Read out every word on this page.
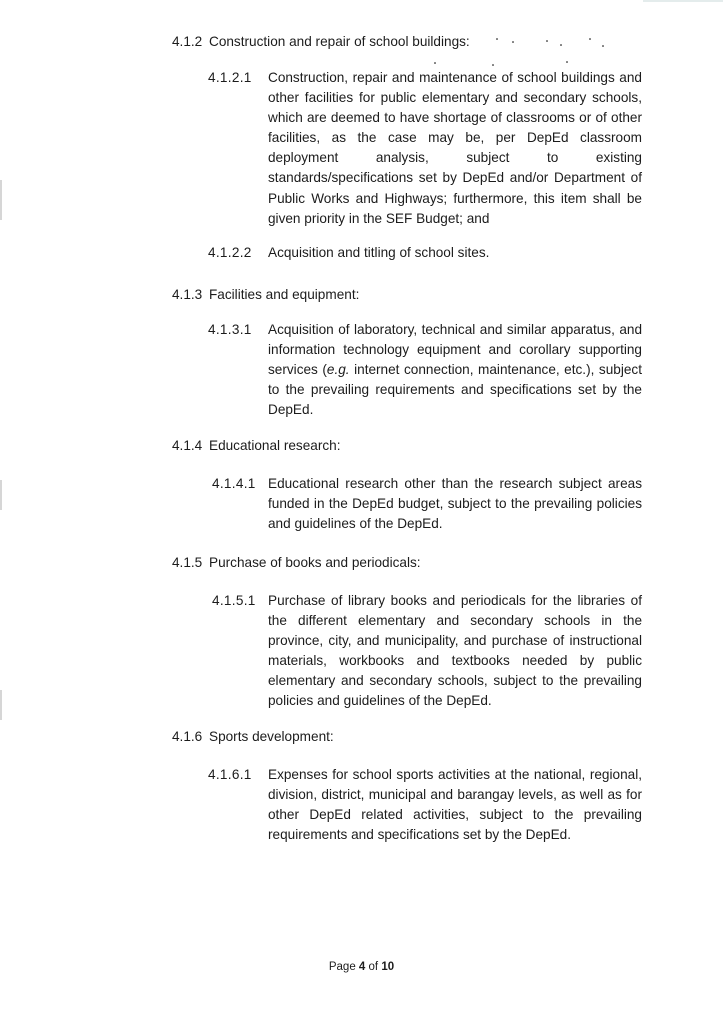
4.1.2 Construction and repair of school buildings:
4.1.2.1	Construction, repair and maintenance of school buildings and other facilities for public elementary and secondary schools, which are deemed to have shortage of classrooms or of other facilities, as the case may be, per DepEd classroom deployment analysis, subject to existing standards/specifications set by DepEd and/or Department of Public Works and Highways; furthermore, this item shall be given priority in the SEF Budget; and
4.1.2.2	Acquisition and titling of school sites.
4.1.3 Facilities and equipment:
4.1.3.1	Acquisition of laboratory, technical and similar apparatus, and information technology equipment and corollary supporting services (e.g. internet connection, maintenance, etc.), subject to the prevailing requirements and specifications set by the DepEd.
4.1.4 Educational research:
4.1.4.1 Educational research other than the research subject areas funded in the DepEd budget, subject to the prevailing policies and guidelines of the DepEd.
4.1.5 Purchase of books and periodicals:
4.1.5.1 Purchase of library books and periodicals for the libraries of the different elementary and secondary schools in the province, city, and municipality, and purchase of instructional materials, workbooks and textbooks needed by public elementary and secondary schools, subject to the prevailing policies and guidelines of the DepEd.
4.1.6 Sports development:
4.1.6.1	Expenses for school sports activities at the national, regional, division, district, municipal and barangay levels, as well as for other DepEd related activities, subject to the prevailing requirements and specifications set by the DepEd.
Page 4 of 10
